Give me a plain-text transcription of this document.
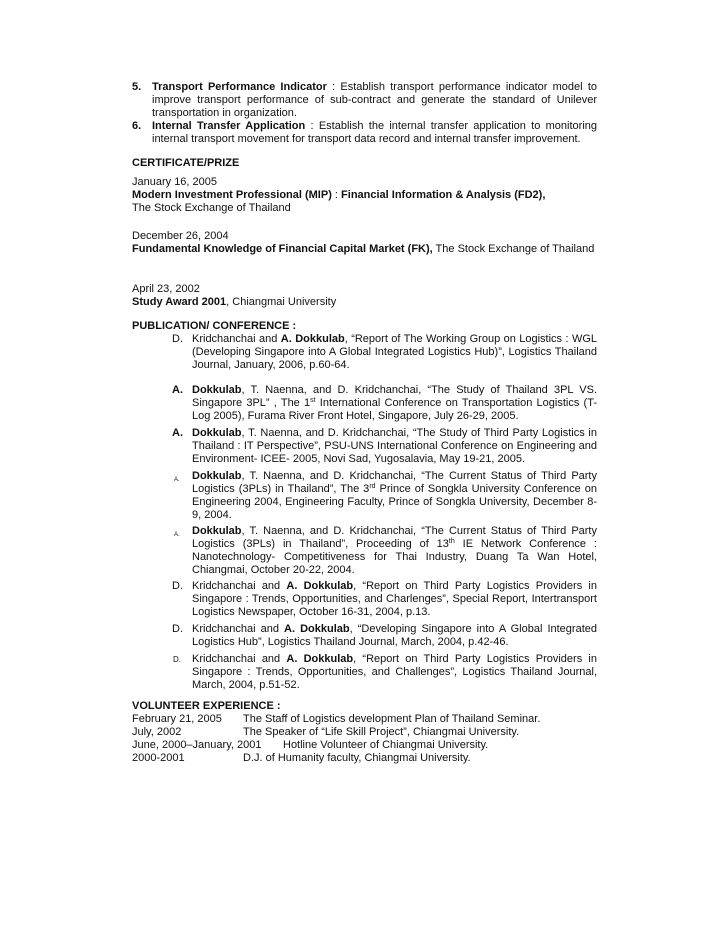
5. Transport Performance Indicator : Establish transport performance indicator model to improve transport performance of sub-contract and generate the standard of Unilever transportation in organization.
6. Internal Transfer Application : Establish the internal transfer application to monitoring internal transport movement for transport data record and internal transfer improvement.
CERTIFICATE/PRIZE
January 16, 2005
Modern Investment Professional (MIP) : Financial Information & Analysis (FD2),
The Stock Exchange of Thailand
December 26, 2004
Fundamental Knowledge of Financial Capital Market (FK), The Stock Exchange of Thailand
April 23, 2002
Study Award 2001, Chiangmai University
PUBLICATION/ CONFERENCE :
D. Kridchanchai and A. Dokkulab, “Report of The Working Group on Logistics : WGL (Developing Singapore into A Global Integrated Logistics Hub)”, Logistics Thailand Journal, January, 2006, p.60-64.
A. Dokkulab, T. Naenna, and D. Kridchanchai, “The Study of Thailand 3PL VS. Singapore 3PL” , The 1st International Conference on Transportation Logistics (T-Log 2005), Furama River Front Hotel, Singapore, July 26-29, 2005.
A. Dokkulab, T. Naenna, and D. Kridchanchai, “The Study of Third Party Logistics in Thailand : IT Perspective”, PSU-UNS International Conference on Engineering and Environment- ICEE- 2005, Novi Sad, Yugosalavia, May 19-21, 2005.
A. Dokkulab, T. Naenna, and D. Kridchanchai, “The Current Status of Third Party Logistics (3PLs) in Thailand”, The 3rd Prince of Songkla University Conference on Engineering 2004, Engineering Faculty, Prince of Songkla University, December 8-9, 2004.
A. Dokkulab, T. Naenna, and D. Kridchanchai, “The Current Status of Third Party Logistics (3PLs) in Thailand”, Proceeding of 13th IE Network Conference : Nanotechnology- Competitiveness for Thai Industry, Duang Ta Wan Hotel, Chiangmai, October 20-22, 2004.
D. Kridchanchai and A. Dokkulab, “Report on Third Party Logistics Providers in Singapore : Trends, Opportunities, and Charlenges”, Special Report, Intertransport Logistics Newspaper, October 16-31, 2004, p.13.
D. Kridchanchai and A. Dokkulab, “Developing Singapore into A Global Integrated Logistics Hub”, Logistics Thailand Journal, March, 2004, p.42-46.
D. Kridchanchai and A. Dokkulab, “Report on Third Party Logistics Providers in Singapore : Trends, Opportunities, and Challenges”, Logistics Thailand Journal, March, 2004, p.51-52.
VOLUNTEER EXPERIENCE :
February 21, 2005 The Staff of Logistics development Plan of Thailand Seminar.
July, 2002	The Speaker of “Life Skill Project”, Chiangmai University.
June, 2000–January, 2001 Hotline Volunteer of Chiangmai University.
2000-2001	D.J. of Humanity faculty, Chiangmai University.
